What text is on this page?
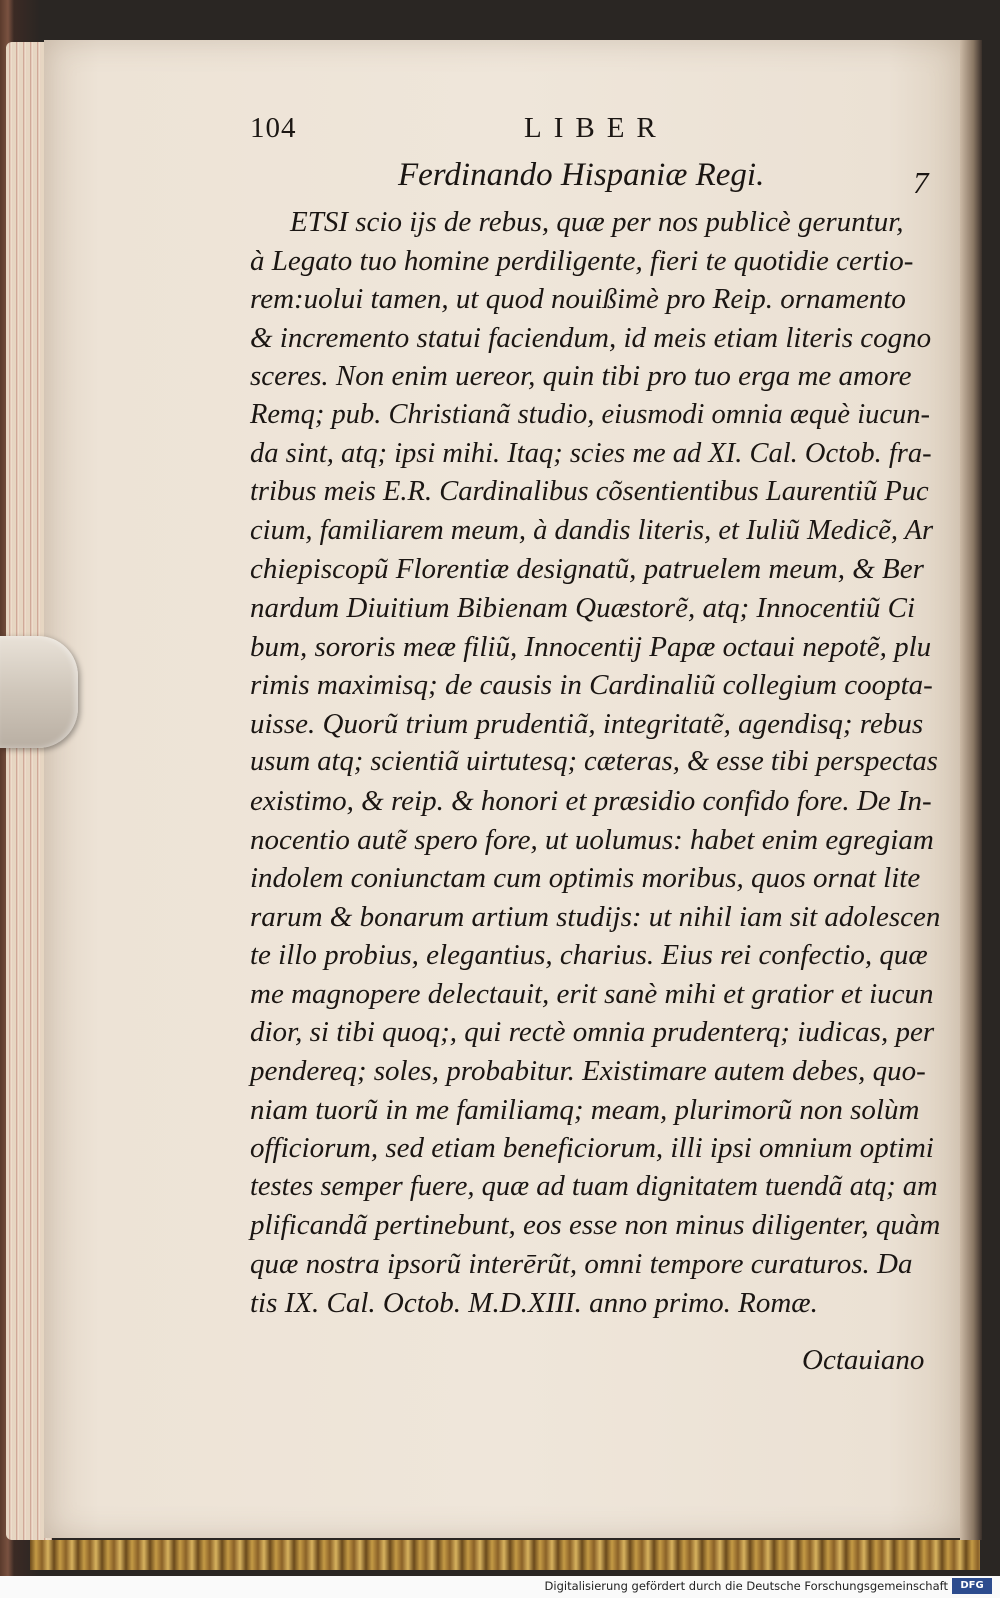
104	LIBER
Ferdinando Hispaniæ Regi.	7
ETSI scio ijs de rebus, quæ per nos publicè geruntur,
à Legato tuo homine perdiligente, fieri te quotidie certio-
rem:uolui tamen, ut quod nouißimè pro Reip. ornamento
& incremento statui faciendum, id meis etiam literis cogno
sceres. Non enim uereor, quin tibi pro tuo erga me amore
Remq; pub. Christianã studio, eiusmodi omnia æquè iucun-
da sint, atq; ipsi mihi. Itaq; scies me ad XI. Cal. Octob. fra-
tribus meis E.R. Cardinalibus cõsentientibus Laurentiũ Puc
cium, familiarem meum, à dandis literis, et Iuliũ Medicẽ, Ar
chiepiscopũ Florentiæ designatũ, patruelem meum, & Ber
nardum Diuitium Bibienam Quæstorẽ, atq; Innocentiũ Ci
bum, sororis meæ filiũ, Innocentij Papæ octaui nepotẽ, plu
rimis maximisq; de causis in Cardinaliũ collegium coopta-
uisse. Quorũ trium prudentiã, integritatẽ, agendisq; rebus
usum atq; scientiã uirtutesq; cæteras, & esse tibi perspectas
existimo, & reip. & honori et præsidio confido fore. De In-
nocentio autẽ spero fore, ut uolumus: habet enim egregiam
indolem coniunctam cum optimis moribus, quos ornat lite
rarum & bonarum artium studijs: ut nihil iam sit adolescen
te illo probius, elegantius, charius. Eius rei confectio, quæ
me magnopere delectauit, erit sanè mihi et gratior et iucun
dior, si tibi quoq;, qui rectè omnia prudenterq; iudicas, per
pendereq; soles, probabitur. Existimare autem debes, quo-
niam tuorũ in me familiamq; meam, plurimorũ non solùm
officiorum, sed etiam beneficiorum, illi ipsi omnium optimi
testes semper fuere, quæ ad tuam dignitatem tuendã atq; am
plificandã pertinebunt, eos esse non minus diligenter, quàm
quæ nostra ipsorũ interērũt, omni tempore curaturos. Da
tis IX. Cal. Octob. M.D.XIII. anno primo. Romæ.
Octauiano
Digitalisierung gefördert durch die Deutsche Forschungsgemeinschaft	DFG
